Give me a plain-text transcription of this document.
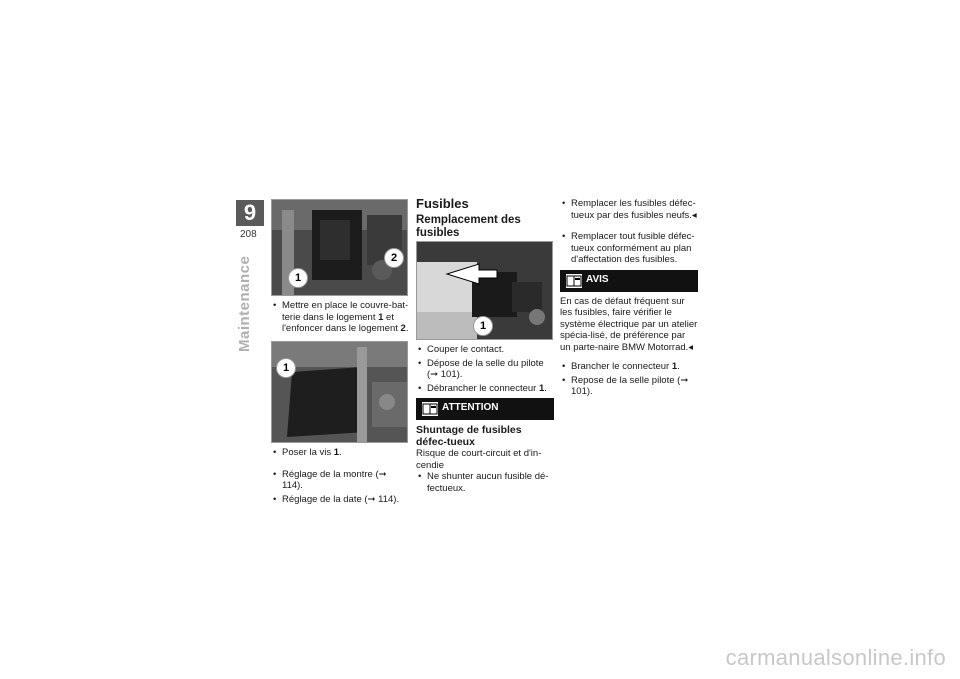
9
208
Maintenance	1
2
• Mettre en place le couvre-bat-terie dans le logement 1 et l'enfoncer dans le logement 2.
1
• Poser la vis 1.
• Réglage de la montre (➞ 114).
• Réglage de la date (➞ 114).
Fusibles
Remplacement des fusibles
1
• Couper le contact.
• Dépose de la selle du pilote (➞ 101).
• Débrancher le connecteur 1.
ATTENTION
Shuntage de fusibles défec-tueux
Risque de court-circuit et d'in-cendie
• Ne shunter aucun fusible dé-fectueux.
• Remplacer les fusibles défec-tueux par des fusibles neufs.◂
• Remplacer tout fusible défec-tueux conformément au plan d'affectation des fusibles.
AVIS
En cas de défaut fréquent sur les fusibles, faire vérifier le système électrique par un atelier spécia-lisé, de préférence par un parte-naire BMW Motorrad.◂
• Brancher le connecteur 1.
• Repose de la selle pilote (➞ 101).
carmanualsonline.info
